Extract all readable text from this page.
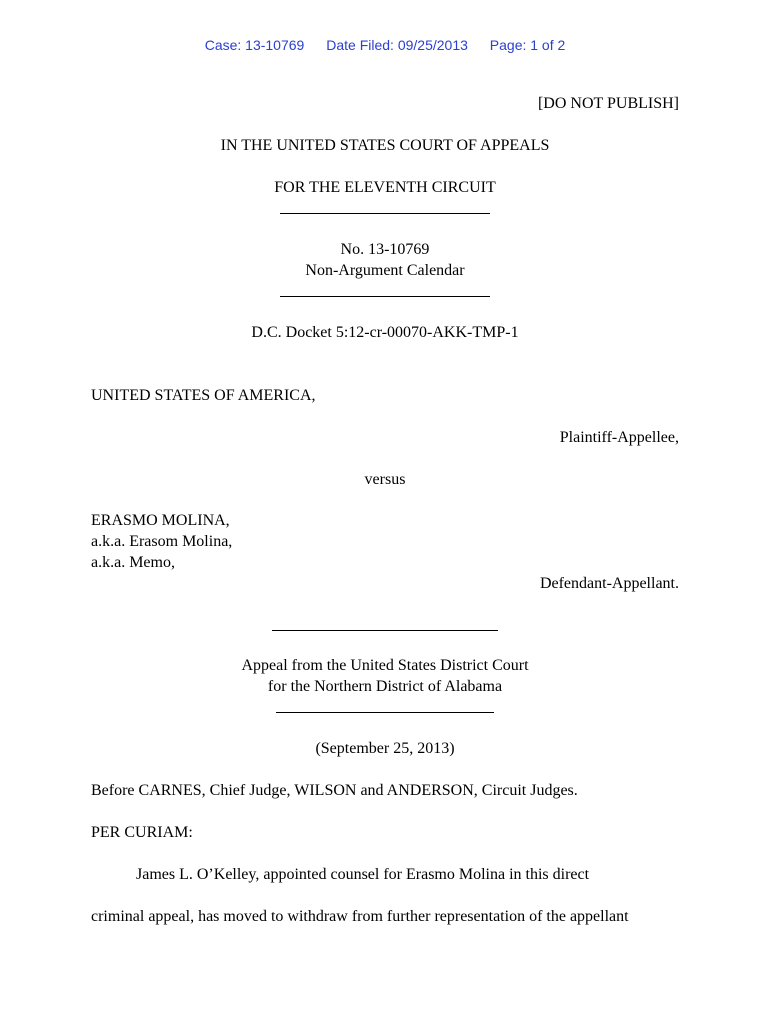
Case: 13-10769 Date Filed: 09/25/2013 Page: 1 of 2
[DO NOT PUBLISH]
IN THE UNITED STATES COURT OF APPEALS
FOR THE ELEVENTH CIRCUIT
No. 13-10769
Non-Argument Calendar
D.C. Docket 5:12-cr-00070-AKK-TMP-1
UNITED STATES OF AMERICA,
Plaintiff-Appellee,
versus
ERASMO MOLINA,
a.k.a. Erasom Molina,
a.k.a. Memo,
Defendant-Appellant.
Appeal from the United States District Court
for the Northern District of Alabama
(September 25, 2013)
Before CARNES, Chief Judge, WILSON and ANDERSON, Circuit Judges.
PER CURIAM:
James L. O’Kelley, appointed counsel for Erasmo Molina in this direct
criminal appeal, has moved to withdraw from further representation of the appellant
